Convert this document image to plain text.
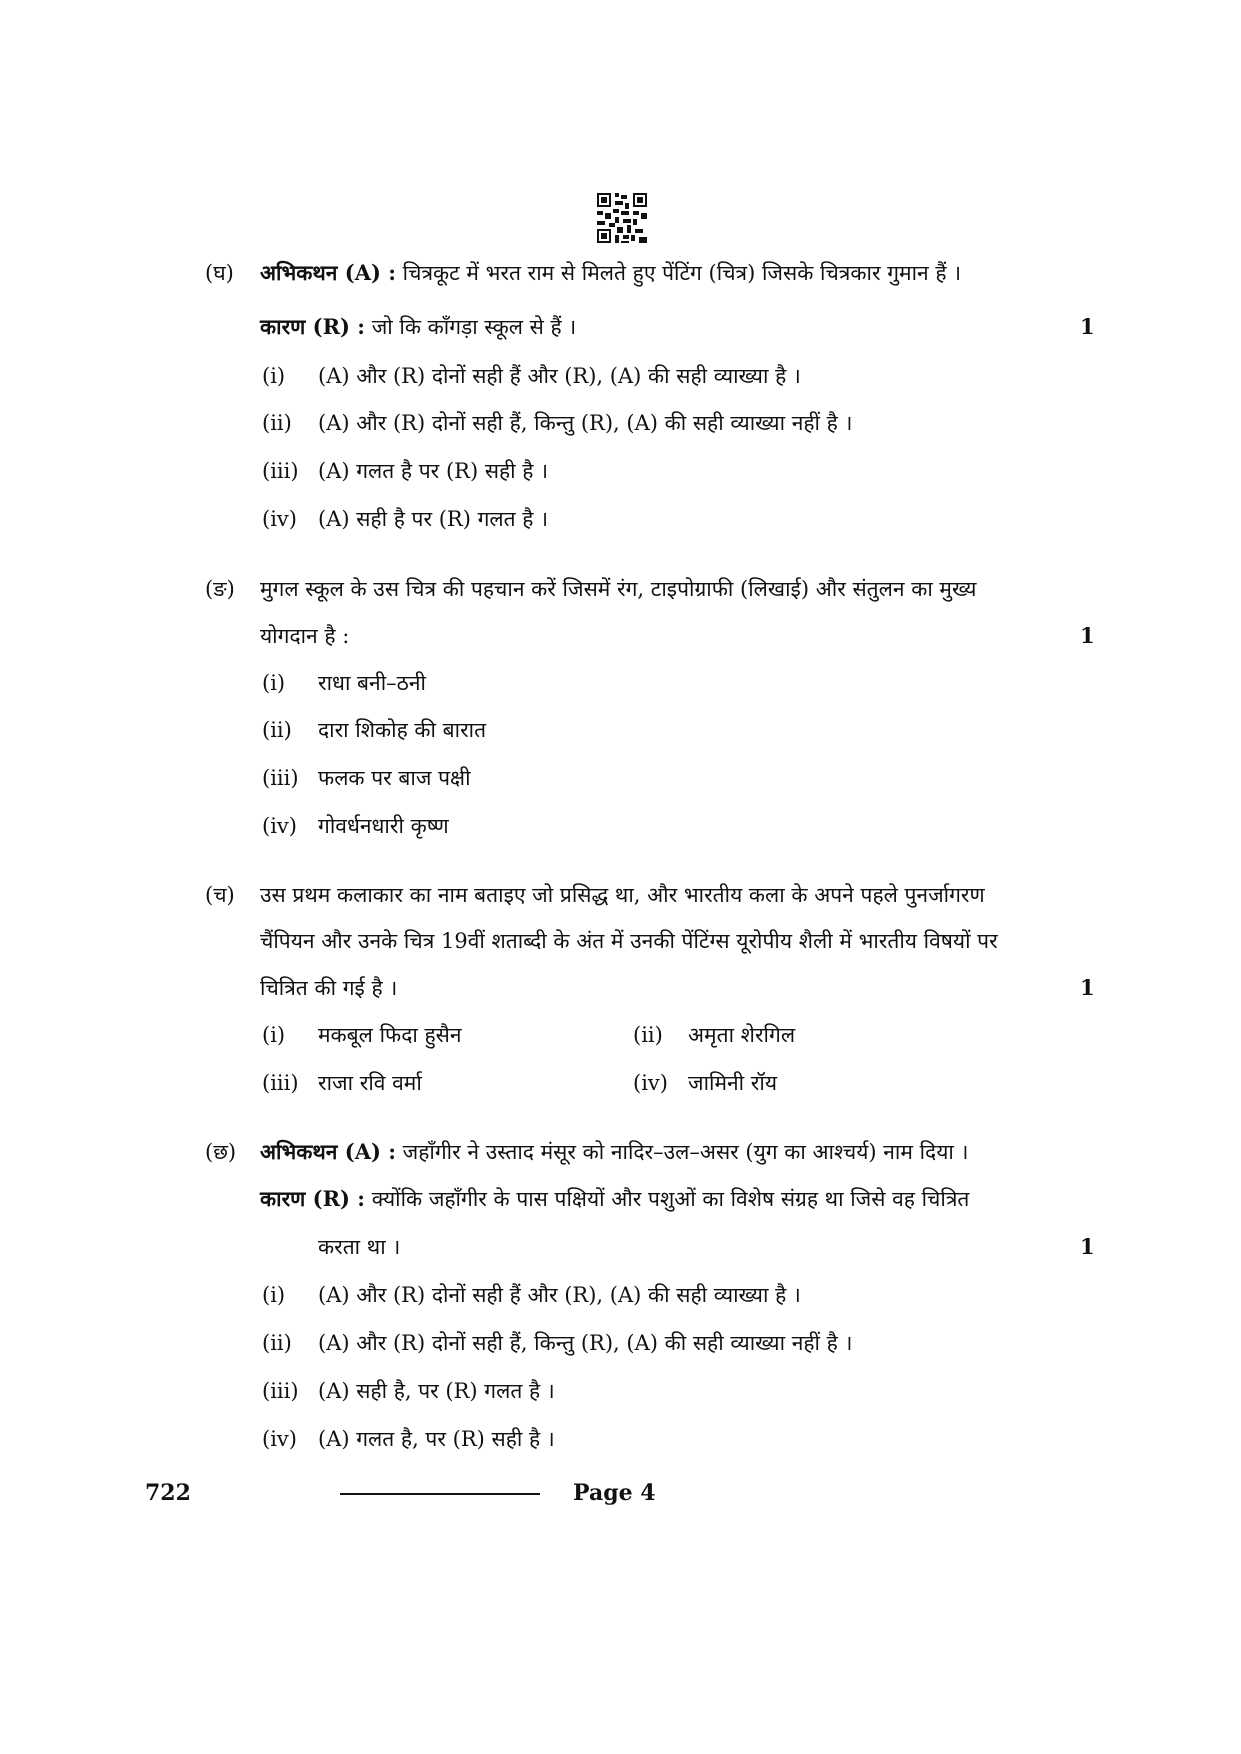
(घ) अभिकथन (A) : चित्रकूट में भरत राम से मिलते हुए पेंटिंग (चित्र) जिसके चित्रकार गुमान हैं ।
कारण (R) : जो कि काँगड़ा स्कूल से हैं ।	1
(i) (A) और (R) दोनों सही हैं और (R), (A) की सही व्याख्या है ।
(ii) (A) और (R) दोनों सही हैं, किन्तु (R), (A) की सही व्याख्या नहीं है ।
(iii) (A) गलत है पर (R) सही है ।
(iv) (A) सही है पर (R) गलत है ।
(ङ) मुगल स्कूल के उस चित्र की पहचान करें जिसमें रंग, टाइपोग्राफी (लिखाई) और संतुलन का मुख्य
योगदान है :	1
(i) राधा बनी–ठनी
(ii) दारा शिकोह की बारात
(iii) फलक पर बाज पक्षी
(iv) गोवर्धनधारी कृष्ण
(च) उस प्रथम कलाकार का नाम बताइए जो प्रसिद्ध था, और भारतीय कला के अपने पहले पुनर्जागरण
चैंपियन और उनके चित्र 19वीं शताब्दी के अंत में उनकी पेंटिंग्स यूरोपीय शैली में भारतीय विषयों पर
चित्रित की गई है ।	1
(i) मकबूल फिदा हुसैन	(ii) अमृता शेरगिल
(iii) राजा रवि वर्मा	(iv) जामिनी रॉय
(छ) अभिकथन (A) : जहाँगीर ने उस्ताद मंसूर को नादिर–उल–असर (युग का आश्चर्य) नाम दिया ।
कारण (R) : क्योंकि जहाँगीर के पास पक्षियों और पशुओं का विशेष संग्रह था जिसे वह चित्रित
करता था ।	1
(i) (A) और (R) दोनों सही हैं और (R), (A) की सही व्याख्या है ।
(ii) (A) और (R) दोनों सही हैं, किन्तु (R), (A) की सही व्याख्या नहीं है ।
(iii) (A) सही है, पर (R) गलत है ।
(iv) (A) गलत है, पर (R) सही है ।
722	Page 4
